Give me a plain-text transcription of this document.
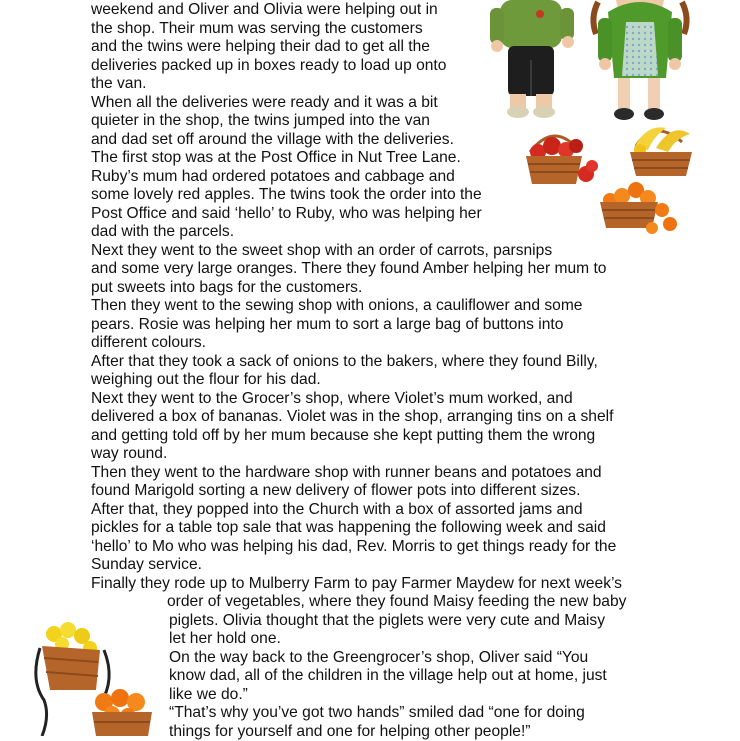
weekend and Oliver and Olivia were helping out in
the shop. Their mum was serving the customers
and the twins were helping their dad to get all the
deliveries packed up in boxes ready to load up onto
the van.
When all the deliveries were ready and it was a bit
quieter in the shop, the twins jumped into the van
and dad set off around the village with the deliveries.
The first stop was at the Post Office in Nut Tree Lane.
Ruby’s mum had ordered potatoes and cabbage and
some lovely red apples. The twins took the order into the
Post Office and said ‘hello’ to Ruby, who was helping her
dad with the parcels.
Next they went to the sweet shop with an order of carrots, parsnips
and some very large oranges. There they found Amber helping her mum to
put sweets into bags for the customers.
Then they went to the sewing shop with onions, a cauliflower and some
pears. Rosie was helping her mum to sort a large bag of buttons into
different colours.
After that they took a sack of onions to the bakers, where they found Billy,
weighing out the flour for his dad.
Next they went to the Grocer’s shop, where Violet’s mum worked, and
delivered a box of bananas. Violet was in the shop, arranging tins on a shelf
and getting told off by her mum because she kept putting them the wrong
way round.
Then they went to the hardware shop with runner beans and potatoes and
found Marigold sorting a new delivery of flower pots into different sizes.
After that, they popped into the Church with a box of assorted jams and
pickles for a table top sale that was happening the following week and said
‘hello’ to Mo who was helping his dad, Rev. Morris to get things ready for the
Sunday service.
Finally they rode up to Mulberry Farm to pay Farmer Maydew for next week’s
order of vegetables, where they found Maisy feeding the new baby
piglets. Olivia thought that the piglets were very cute and Maisy
let her hold one.
On the way back to the Greengrocer’s shop, Oliver said “You
know dad, all of the children in the village help out at home, just
like we do.”
“That’s why you’ve got two hands” smiled dad “one for doing
things for yourself and one for helping other people!”
